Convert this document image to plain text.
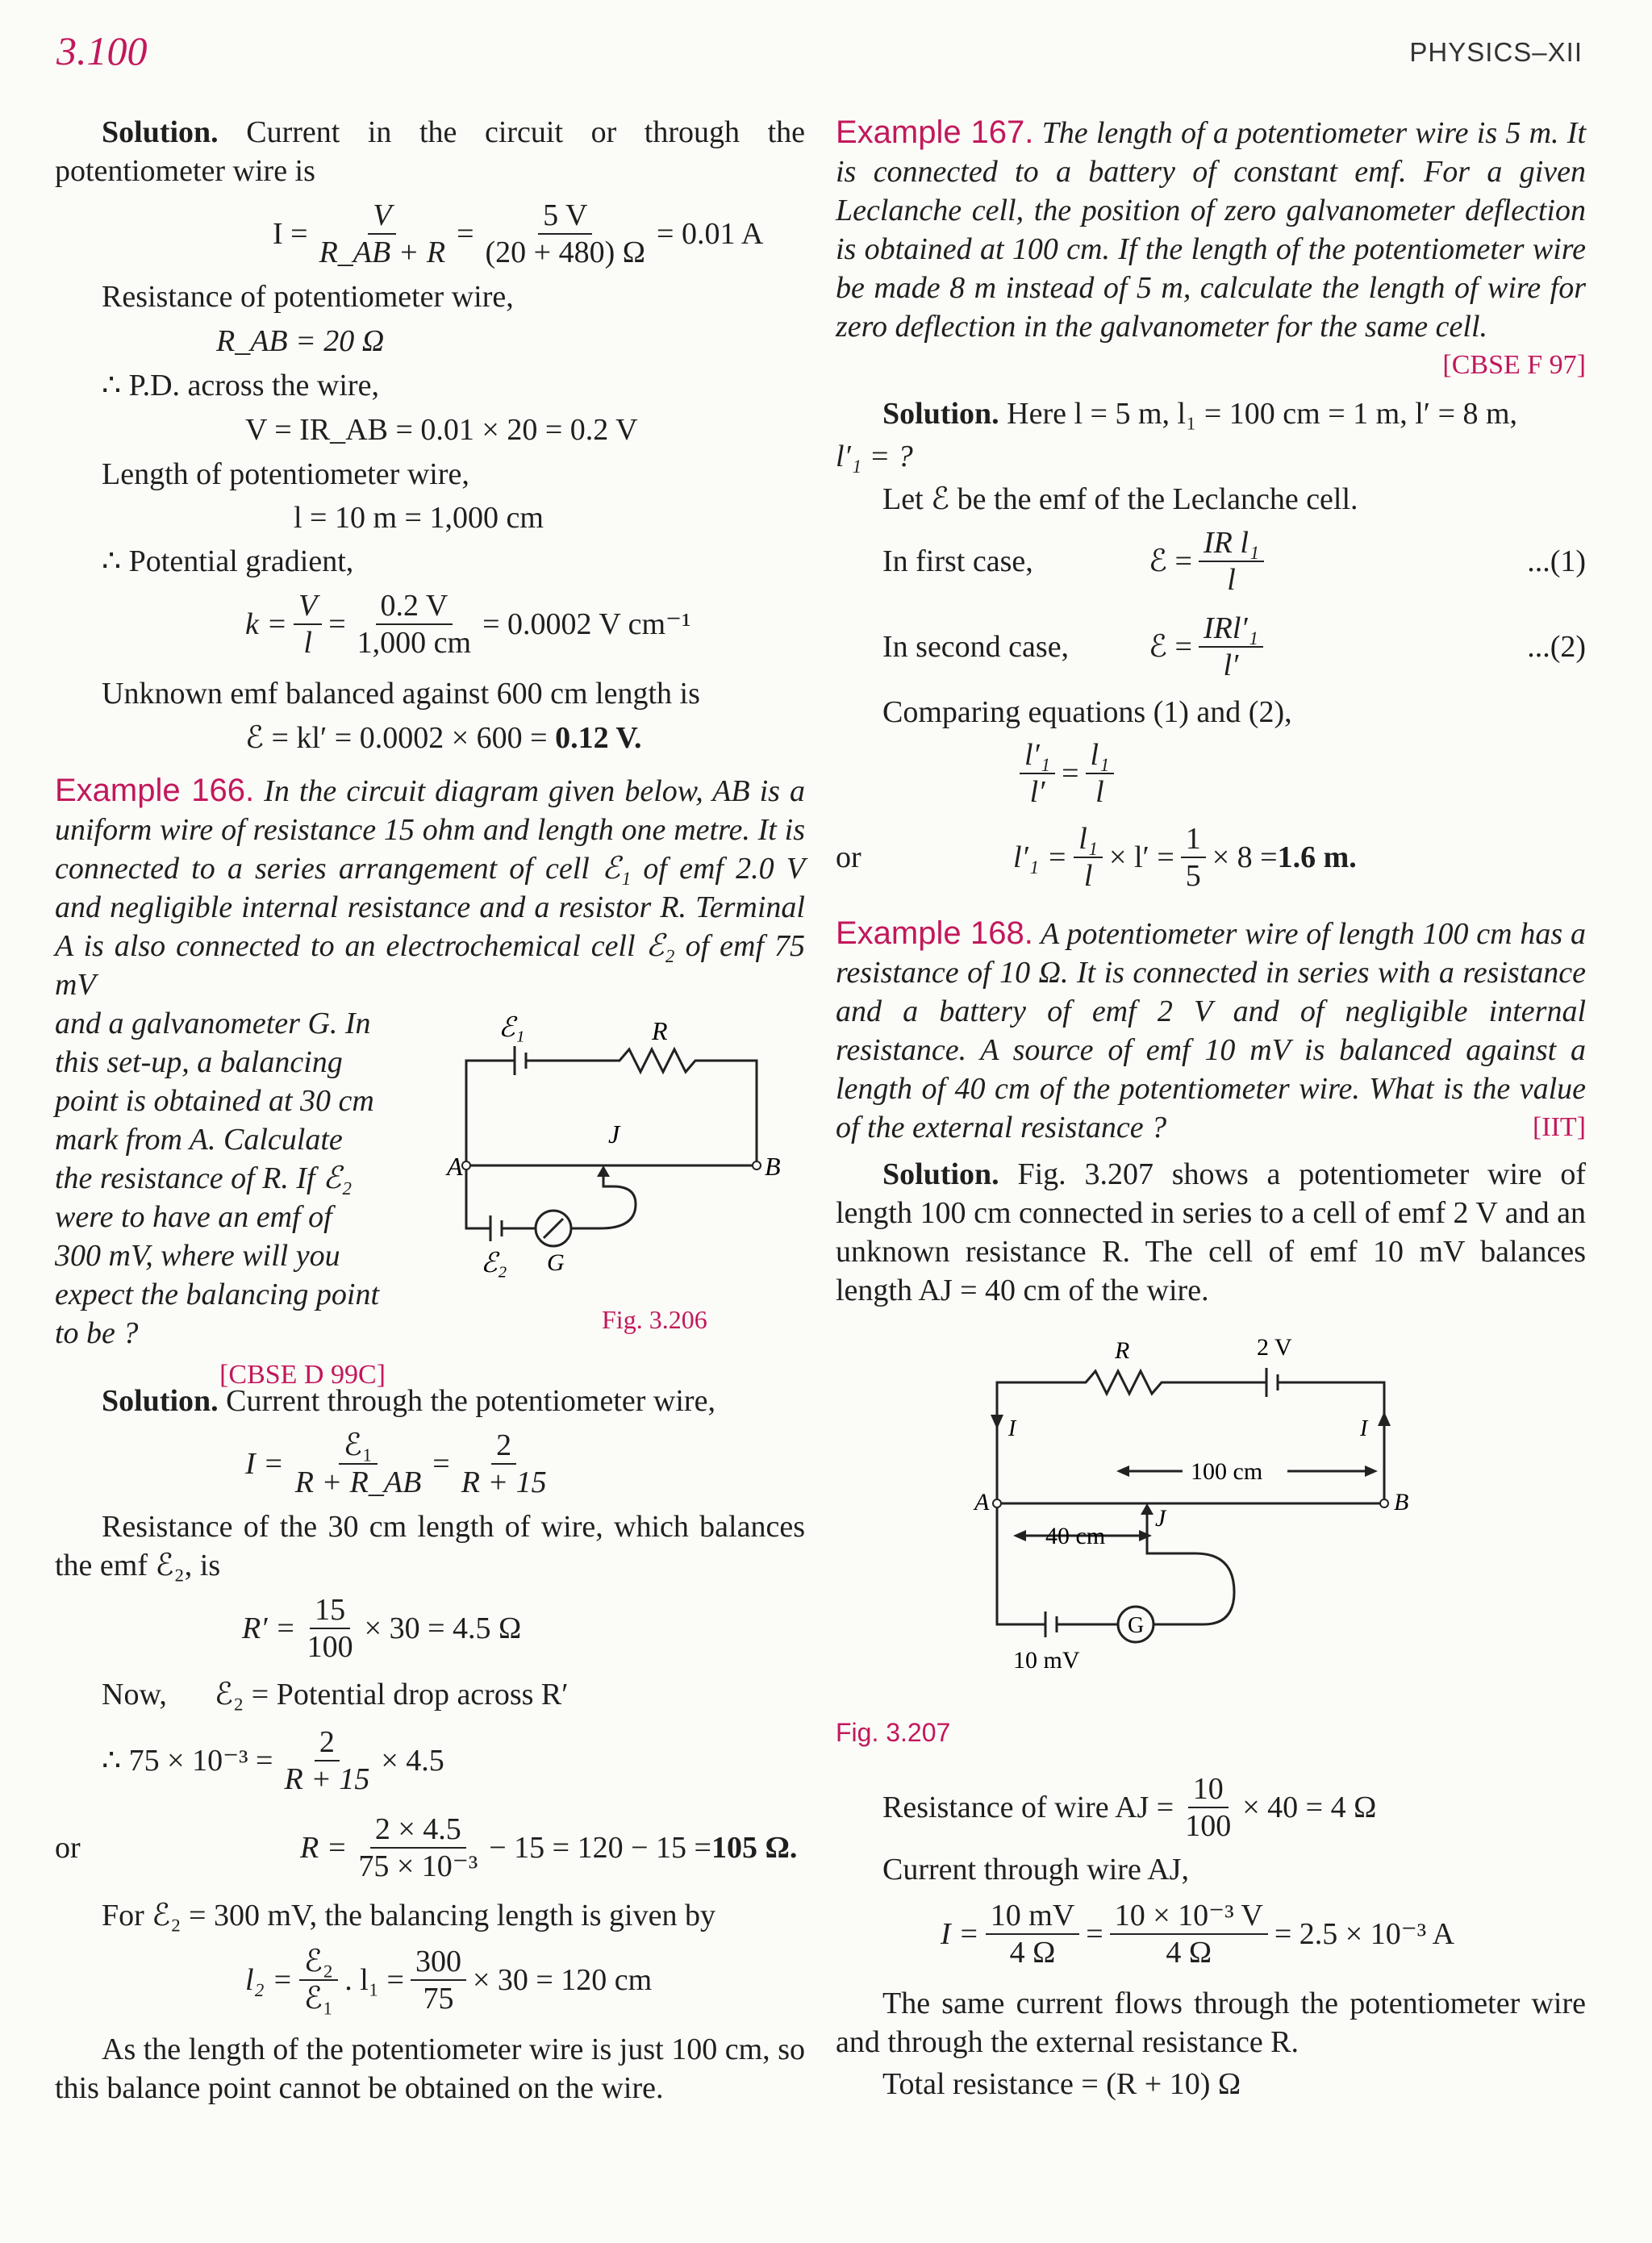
3.100	PHYSICS–XII

Solution. Current in the circuit or through the potentiometer wire is

$I = \frac{V}{R\_AB + R} = \frac{5 V}{(20 + 480) \Omega} = 0.01$ A

Resistance of potentiometer wire,

R_AB = 20 Ω

∴ P.D. across the wire,

V = IR_AB = 0.01 × 20 = 0.2 V

Length of potentiometer wire,

l = 10 m = 1,000 cm

∴ Potential gradient,

$k = \frac{V}{l} = \frac{0.2 V}{1,000 cm} = 0.0002$ V cm⁻¹

Unknown emf balanced against 600 cm length is

ℰ = kl′ = 0.0002 × 600 = 0.12 V.

Example 166. In the circuit diagram given below, AB is a uniform wire of resistance 15 ohm and length one metre. It is connected to a series arrangement of cell ℰ₁ of emf 2.0 V and negligible internal resistance and a resistor R. Terminal A is also connected to an electrochemical cell ℰ₂ of emf 75 mV

and a galvanometer G. In this set-up, a balancing point is obtained at 30 cm mark from A. Calculate the resistance of R. If ℰ₂ were to have an emf of 300 mV, where will you expect the balancing point to be ?

[CBSE D 99C]

ℰ₁	R
J
A	B
ℰ₂ G
Fig. 3.206

Solution. Current through the potentiometer wire,

$I = \frac{\text{ℰ₁}}{R + R\_AB} = \frac{2}{R + 15}$

Resistance of the 30 cm length of wire, which balances the emf ℰ₂, is

$R' = \frac{15}{100} \times 30 = 4.5$ Ω
Now,	ℰ₂ = Potential drop across R′
∴ $75 \times 10^{-3} = \frac{2}{R + 15} \times 4.5$
or	$R = \frac{2 \times 4.5}{\text{75 × 10⁻³}} - 15 = 120 - 15 = 105$ Ω.

For ℰ₂ = 300 mV, the balancing length is given by

$l_2 = \frac{\text{ℰ₂}}{\text{ℰ₁}}$ . $l_1 = \frac{300}{75} \times 30 = 120$ cm

As the length of the potentiometer wire is just 100 cm, so this balance point cannot be obtained on the wire.

Example 167. The length of a potentiometer wire is 5 m. It is connected to a battery of constant emf. For a given Leclanche cell, the position of zero galvanometer deflection is obtained at 100 cm. If the length of the potentiometer wire be made 8 m instead of 5 m, calculate the length of wire for zero deflection in the galvanometer for the same cell.

[CBSE F 97]

Solution. Here l = 5 m, l₁ = 100 cm = 1 m, l′ = 8 m,

l′₁ = ?

Let ℰ be the emf of the Leclanche cell.

In first case,	ℰ = $\frac{\text{IR l₁}}{l}$	...(1)
In second case,	ℰ = $\frac{\text{IRl′₁}}{l'}$	...(2)

Comparing equations (1) and (2),

$\frac{\text{l′₁}}{l'} = \frac{\text{l₁}}{l}$
or	$l'_1 = \frac{\text{l₁}}{l} \times l' = \frac{1}{5} \times 8 = 1.6$ m.

Example 168. A potentiometer wire of length 100 cm has a resistance of 10 Ω. It is connected in series with a resistance and a battery of emf 2 V and of negligible internal resistance. A source of emf 10 mV is balanced against a length of 40 cm of the potentiometer wire. What is the value of the external resistance ?	[IIT]

Solution. Fig. 3.207 shows a potentiometer wire of length 100 cm connected in series to a cell of emf 2 V and an unknown resistance R. The cell of emf 10 mV balances length AJ = 40 cm of the wire.

R	2 V
I	I
100 cm
A	B
J
40 cm
G
10 mV

Fig. 3.207

Resistance of wire AJ = $\frac{10}{100} \times 40 = 4$ Ω

Current through wire AJ,

$I = \frac{10 mV}{4 \Omega} = \frac{\text{10 × 10⁻³ V}}{4 \Omega} = 2.5 \times 10^{-3}$ A

The same current flows through the potentiometer wire and through the external resistance R.

Total resistance = (R + 10) Ω
